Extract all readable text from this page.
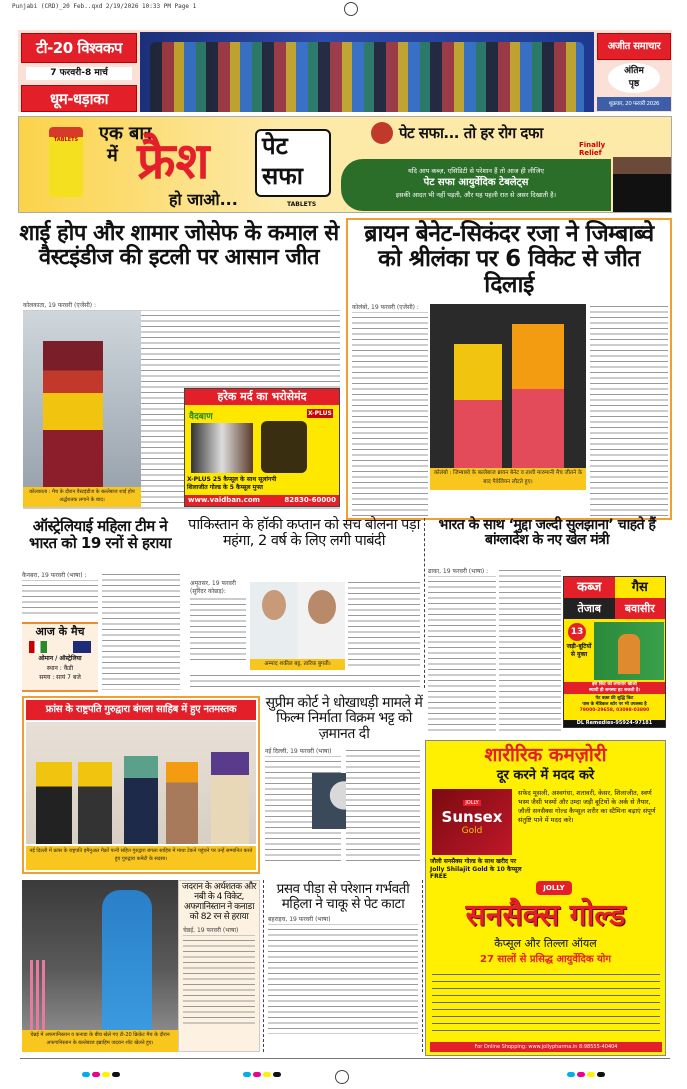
Punjabi (CRD)_20 Feb..qxd 2/19/2026 10:33 PM Page 1
टी-20 विश्वकप
7 फरवरी-8 मार्च
धूम-धड़ाका
अजीत समाचार
अंतिम
पृष्ठ
शुक्रवार, 20 फरवरी 2026
TABLETS एक बार
में फ्रैश
हो जाओ...
पेट
सफा
TABLETS
पेट सफा... तो हर रोग दफा
Finally
Relief
यदि आप कब्ज़, एसिडिटी से परेशान हैं तो आज ही लीजिए
पेट सफा आयुर्वेदिक टेबलेट्स
इसकी आदत भी नहीं पड़ती, और यह पहली रात से असर दिखाती है।
शाई होप और शामार जोसेफ के कमाल से वैस्टइंडीज की इटली पर आसान जीत
कोलकाता, 19 फरवरी (एजेंसी) :
कोलकाता : मैच के दौरान वैस्टइंडीज के बल्लेबाज शाई होप अर्द्धशतक लगाने के बाद।
हरेक मर्द का भरोसेमंद
वैदबाण	X-PLUS
X-PLUS 25 कैप्सूल के साथ सूलांगपी
शिलाजीत गोल्ड के 5 कैप्सूल मुफ्त
www.vaidban.com	82830-60000
ब्रायन बेनेट-सिकंदर रजा ने जिम्बाब्वे को श्रीलंका पर 6 विकेट से जीत दिलाई
कोलंबो, 19 फरवरी (एजेंसी) :
कोलंबो : जिम्बाब्वे के बल्लेबाज ब्रायन बेनेट व ताशी मारुमानी मैच जीतने के बाद पैवेलियन लौटते हुए।
ऑस्ट्रेलियाई महिला टीम ने भारत को 19 रनों से हराया
कैनबरा, 19 फरवरी (भाषा) :
आज के मैच
ओमान / ऑस्ट्रेलिया
स्थान : कैंडी
समय : सायं 7 बजे
पाकिस्तान के हॉकी कप्तान को सच बोलना पड़ा महंगा, 2 वर्ष के लिए लगी पाबंदी
अमृतसर, 19 फरवरी (सुरिंदर कोछड़):
अम्माद शकील बट्ट, तारिक बुगती।
भारत के साथ ‘मुद्दा जल्दी सुलझाना’ चाहते हैं बांग्लादेश के नए खेल मंत्री
ढाका, 19 फरवरी (भाषा) :
कब्ज	गैस
तेजाब	बवासीर
13
जड़ी-बूटियों से युक्त
इस किट को लगातार खाओ
स्थायी ही समस्या हट सकती है।
पेट वक़्त फ्री शुद्धि किट
पास के मेडिकल स्टोर पर भी उपलब्ध है
79000-29658, 03098-03890
DL Remedies-95924-97181
फ्रांस के राष्ट्रपति गुरुद्वारा बंगला साहिब में हुए नतमस्तक
नई दिल्ली में फ्रांस के राष्ट्रपति इमैनुअल मैक्रों पत्नी सहित गुरुद्वारा बंगला साहिब में माथा टेकने पहुंचने पर उन्हें सम्मानित करते हुए गुरुद्वारा कमेटी के सदस्य।
सुप्रीम कोर्ट ने धोखाधड़ी मामले में फिल्म निर्माता विक्रम भट्ट को ज़मानत दी
नई दिल्ली, 19 फरवरी (भाषा)	शारीरिक कमज़ोरी
दूर करने में मदद करे
JOLLY
Sunsex
Gold
सफेद मूसली, अश्वगंधा, शतावरी, केसर, शिलाजीत, स्वर्ण भस्म जैसी भस्मों और उम्दा जड़ी बूटियों के अर्क से तैयार, जौली सनसैक्स गोल्ड कैप्सूल शरीर का स्टैमिना बढ़ाएं संपूर्ण संतुष्टि पाने में मदद करे।
जौली सनसैक्स गोल्ड के साथ खरीद पर Jolly Shilajit Gold के 10 कैप्सूल FREE
JOLLY
सनसैक्स गोल्ड
कैप्सूल और तिल्ला ऑयल
27 सालों से प्रसिद्ध आयुर्वेदिक योग
For Online Shopping: www.jollypharma.in 8:98555-40404
चेन्नई में अफगानिस्तान व कनाडा के बीच खेले गए टी-20 क्रिकेट मैच के दौरान अफगानिस्तान के बल्लेबाज इब्राहिम जदरान शॉट खेलते हुए।
जदरान के अर्धशतक और नबी के 4 विकेट, अफगानिस्तान ने कनाडा को 82 रन से हराया
चेन्नई, 19 फरवरी (भाषा)
प्रसव पीड़ा से परेशान गर्भवती महिला ने चाकू से पेट काटा
बहराइच, 19 फरवरी (भाषा)
